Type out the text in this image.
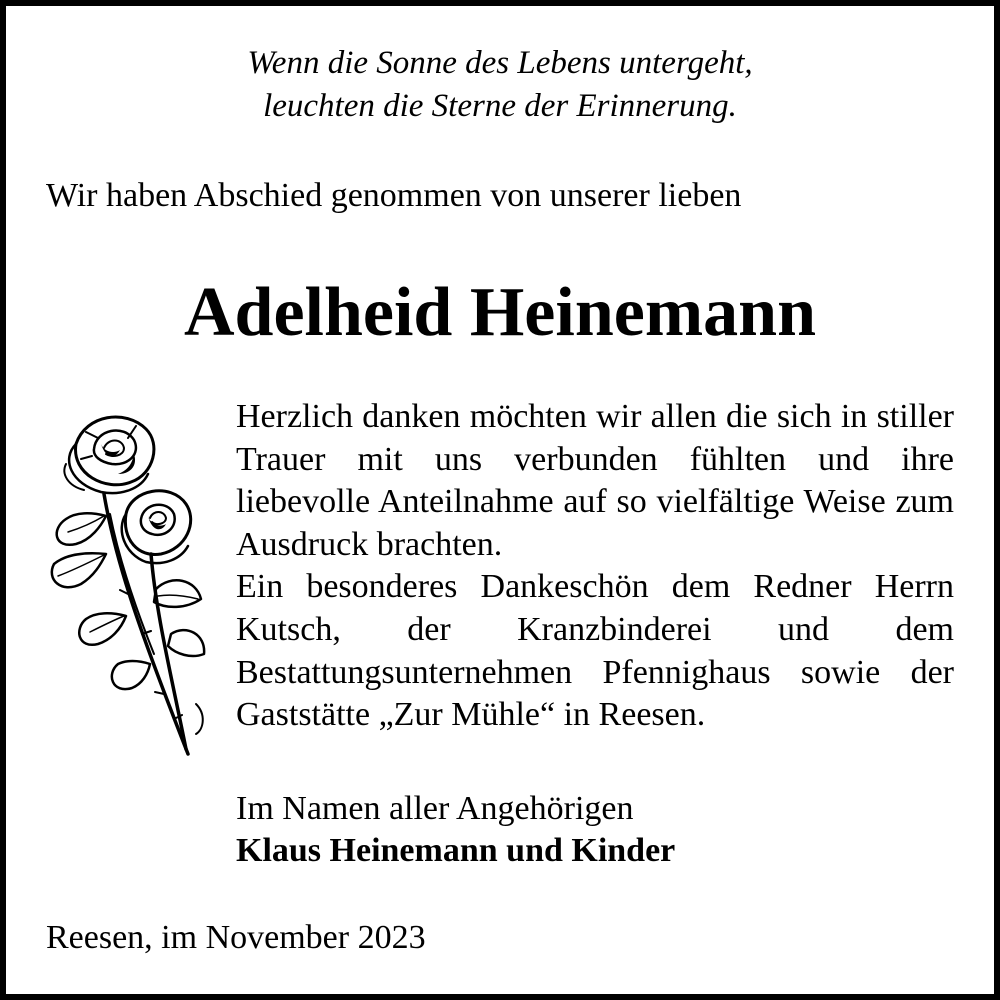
Wenn die Sonne des Lebens untergeht,
leuchten die Sterne der Erinnerung.
Wir haben Abschied genommen von unserer lieben
Adelheid Heinemann

Herzlich danken möchten wir allen die sich in stiller Trauer mit uns verbunden fühlten und ihre liebevolle Anteilnahme auf so vielfältige Weise zum Ausdruck brachten.

Ein besonderes Dankeschön dem Redner Herrn Kutsch, der Kranzbinderei und dem Bestattungsunternehmen Pfennighaus sowie der Gaststätte „Zur Mühle“ in Reesen.

Im Namen aller Angehörigen
Klaus Heinemann und Kinder
Reesen, im November 2023
